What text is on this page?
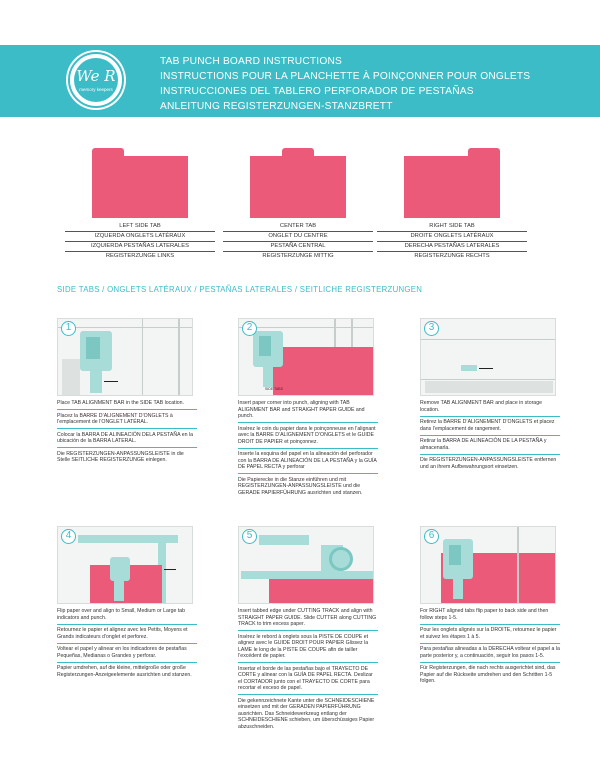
We R
memory keepers
TAB PUNCH BOARD INSTRUCTIONS
INSTRUCTIONS POUR LA PLANCHETTE À POINÇONNER POUR ONGLETS
INSTRUCCIONES DEL TABLERO PERFORADOR DE PESTAÑAS
ANLEITUNG REGISTERZUNGEN-STANZBRETT
LEFT SIDE TAB
IZQUERDA ONGLETS LATÉRAUX
IZQUIERDA PESTAÑAS LATERALES
REGISTERZUNGE LINKS
CENTER TAB
ONGLET DU CENTRE
PESTAÑA CENTRAL
REGISTERZUNGE MITTIG
RIGHT SIDE TAB
DROITE ONGLETS LATÉRAUX
DERECHA PESTAÑAS LATERALES
REGISTERZUNGE RECHTS
SIDE TABS / ONGLETS LATÉRAUX / PESTAÑAS LATERALES / SEITLICHE REGISTERZUNGEN
1

Place TAB ALIGNMENT BAR in the SIDE TAB location.

Placez la BARRE D’ALIGNEMENT D’ONGLETS à l’emplacement de l’ONGLET LATÉRAL.

Colocar la BARRA DE ALINEACIÓN DELA PESTAÑA en la ubicación de la BARRA LATERAL.

Die REGISTERZUNGEN-ANPASSUNGSLEISTE in die Stelle SEITLICHE REGISTERZUNGE einlegen.

SIDE TABS
2

Insert paper corner into punch, aligning with TAB ALIGNMENT BAR and STRAIGHT PAPER GUIDE and punch.

Insérez le coin du papier dans le poinçonneuse en l’alignant avec la BARRE D’ALIGNEMENT D’ONGLETS et le GUIDE DROIT DE PAPIER et poinçonnez.

Inserte la esquina del papel en la alineación del perforador con la BARRA DE ALINEACIÓN DE LA PESTAÑA y la GUÍA DE PAPEL RECTA y perforar

Die Papierecke in die Stanze einführen und mit REGISTERZUNGEN-ANPASSUNGSLEISTE und die GERADE PAPIERFÜHRUNG ausrichten und stanzen.

3

Remove TAB ALIGNMENT BAR and place in storage location.

Retirez la BARRE D’ALIGNEMENT D’ONGLETS et placez dans l’emplacement de rangement.

Retirar la BARRA DE ALINEACIÓN DE LA PESTAÑA y almacenarla.

Die REGISTERZUNGEN-ANPASSUNGSLEISTE entfernen und an ihrem Aufbewahrungsort einsetzen.

4

Flip paper over and align to Small, Medium or Large tab indicators and punch.

Retournez le papier et alignez avec les Petits, Moyens et Grands indicateurs d’onglet et perforez.

Voltear el papel y alinear en los indicadores de pestañas Pequeñas, Medianas o Grandes y perforar.

Papier umdrehen, auf die kleine, mittelgroße oder große Registerzungen-Anzeigeelemente ausrichten und stanzen.

5

Insert tabbed edge under CUTTING TRACK and align with STRAIGHT PAPER GUIDE. Slide CUTTER along CUTTING TRACK to trim excess paper.

Insérez le rebord à onglets sous la PISTE DE COUPE et alignez avec le GUIDE DROIT POUR PAPIER Glissez la LAME le long de la PISTE DE COUPE afin de tailler l’excédent de papier.

Insertar el borde de las pestañas bajo el TRAYECTO DE CORTE y alinear con la GUÍA DE PAPEL RECTA. Deslizar el CORTADOR junto con el TRAYECTO DE CORTE para recortar el exceso de papel.

Die gekennzeichnete Kante unter die SCHNEIDESCHIENE einsetzen und mit der GERADEN PAPIERFÜHRUNG ausrichten. Das Schneidewerkzeug entlang der SCHNEIDESCHIENE schieben, um überschüssiges Papier abzuschneiden.

6

For RIGHT aligned tabs flip paper to back side and then follow steps 1-5.

Pour les onglets alignés sur la DROITE, retournez le papier et suivez les étapes 1 à 5.

Para pestañas alineadas a la DERECHA voltear el papel a la parte posterior y, a continuación, seguir los pasos 1-5.

Für Registerzungen, die nach rechts ausgerichtet sind, das Papier auf die Rückseite umdrehen und den Schritten 1-5 folgen.
